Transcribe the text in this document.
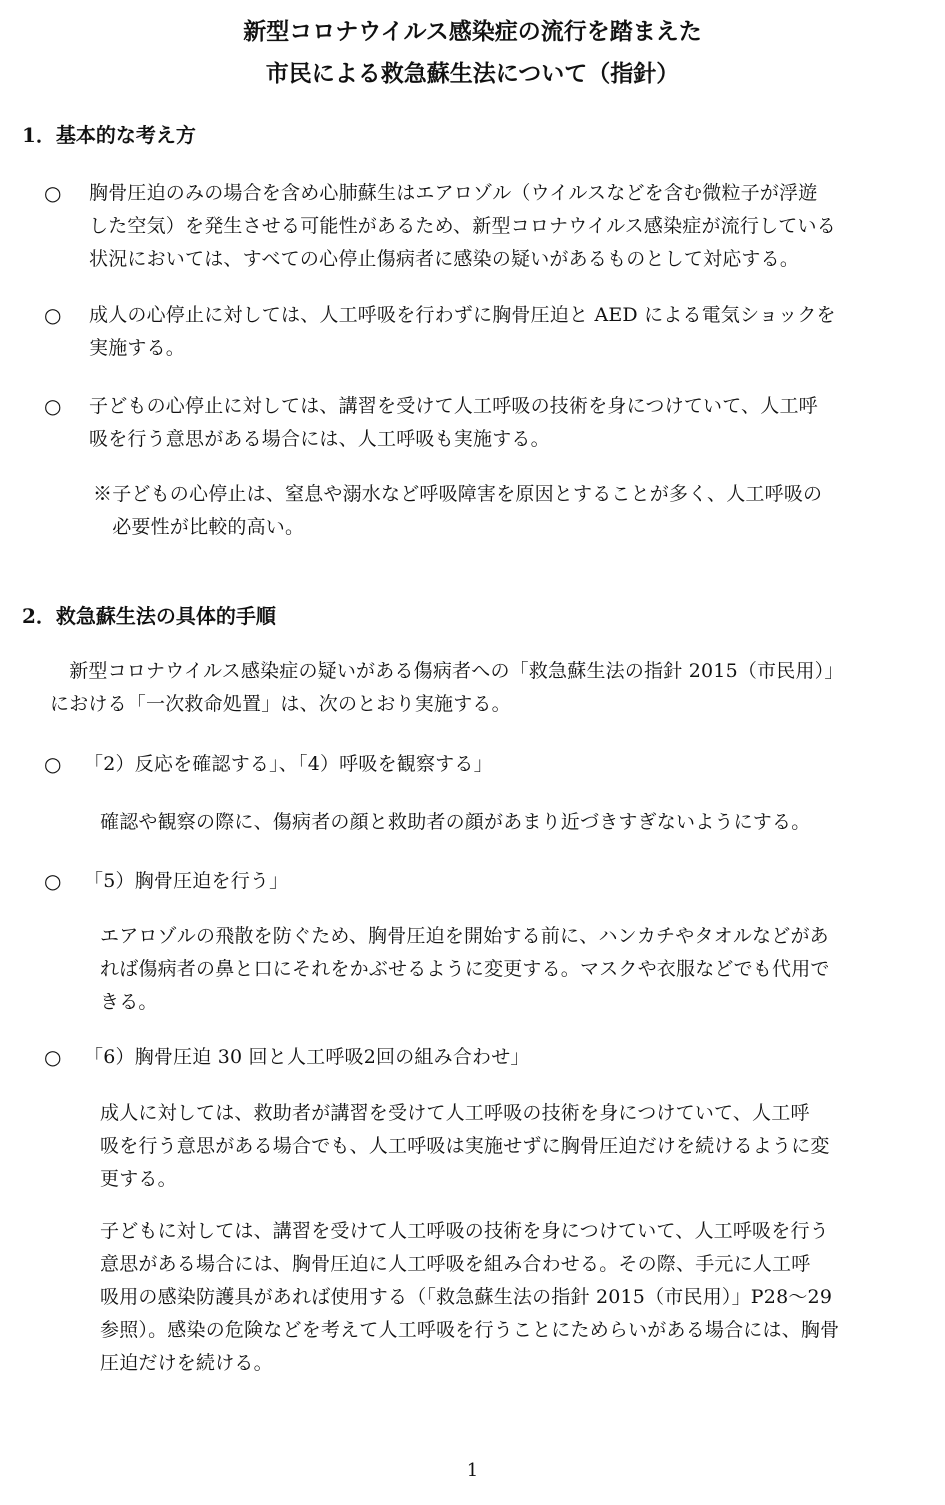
新型コロナウイルス感染症の流行を踏まえた
市民による救急蘇生法について（指針）
1．基本的な考え方
○	胸骨圧迫のみの場合を含め心肺蘇生はエアロゾル（ウイルスなどを含む微粒子が浮遊
した空気）を発生させる可能性があるため、新型コロナウイルス感染症が流行している
状況においては、すべての心停止傷病者に感染の疑いがあるものとして対応する。
○	成人の心停止に対しては、人工呼吸を行わずに胸骨圧迫と AED による電気ショックを
実施する。
○	子どもの心停止に対しては、講習を受けて人工呼吸の技術を身につけていて、人工呼
吸を行う意思がある場合には、人工呼吸も実施する。
※子どもの心停止は、窒息や溺水など呼吸障害を原因とすることが多く、人工呼吸の
　必要性が比較的高い。
2．救急蘇生法の具体的手順
　新型コロナウイルス感染症の疑いがある傷病者への「救急蘇生法の指針 2015（市民用）」
における「一次救命処置」は、次のとおり実施する。
○	「2）反応を確認する」、「4）呼吸を観察する」
確認や観察の際に、傷病者の顔と救助者の顔があまり近づきすぎないようにする。
○	「5）胸骨圧迫を行う」
エアロゾルの飛散を防ぐため、胸骨圧迫を開始する前に、ハンカチやタオルなどがあ
れば傷病者の鼻と口にそれをかぶせるように変更する。マスクや衣服などでも代用で
きる。
○	「6）胸骨圧迫 30 回と人工呼吸2回の組み合わせ」
成人に対しては、救助者が講習を受けて人工呼吸の技術を身につけていて、人工呼
吸を行う意思がある場合でも、人工呼吸は実施せずに胸骨圧迫だけを続けるように変
更する。
子どもに対しては、講習を受けて人工呼吸の技術を身につけていて、人工呼吸を行う
意思がある場合には、胸骨圧迫に人工呼吸を組み合わせる。その際、手元に人工呼
吸用の感染防護具があれば使用する（「救急蘇生法の指針 2015（市民用）」P28～29
参照）。感染の危険などを考えて人工呼吸を行うことにためらいがある場合には、胸骨
圧迫だけを続ける。
1
